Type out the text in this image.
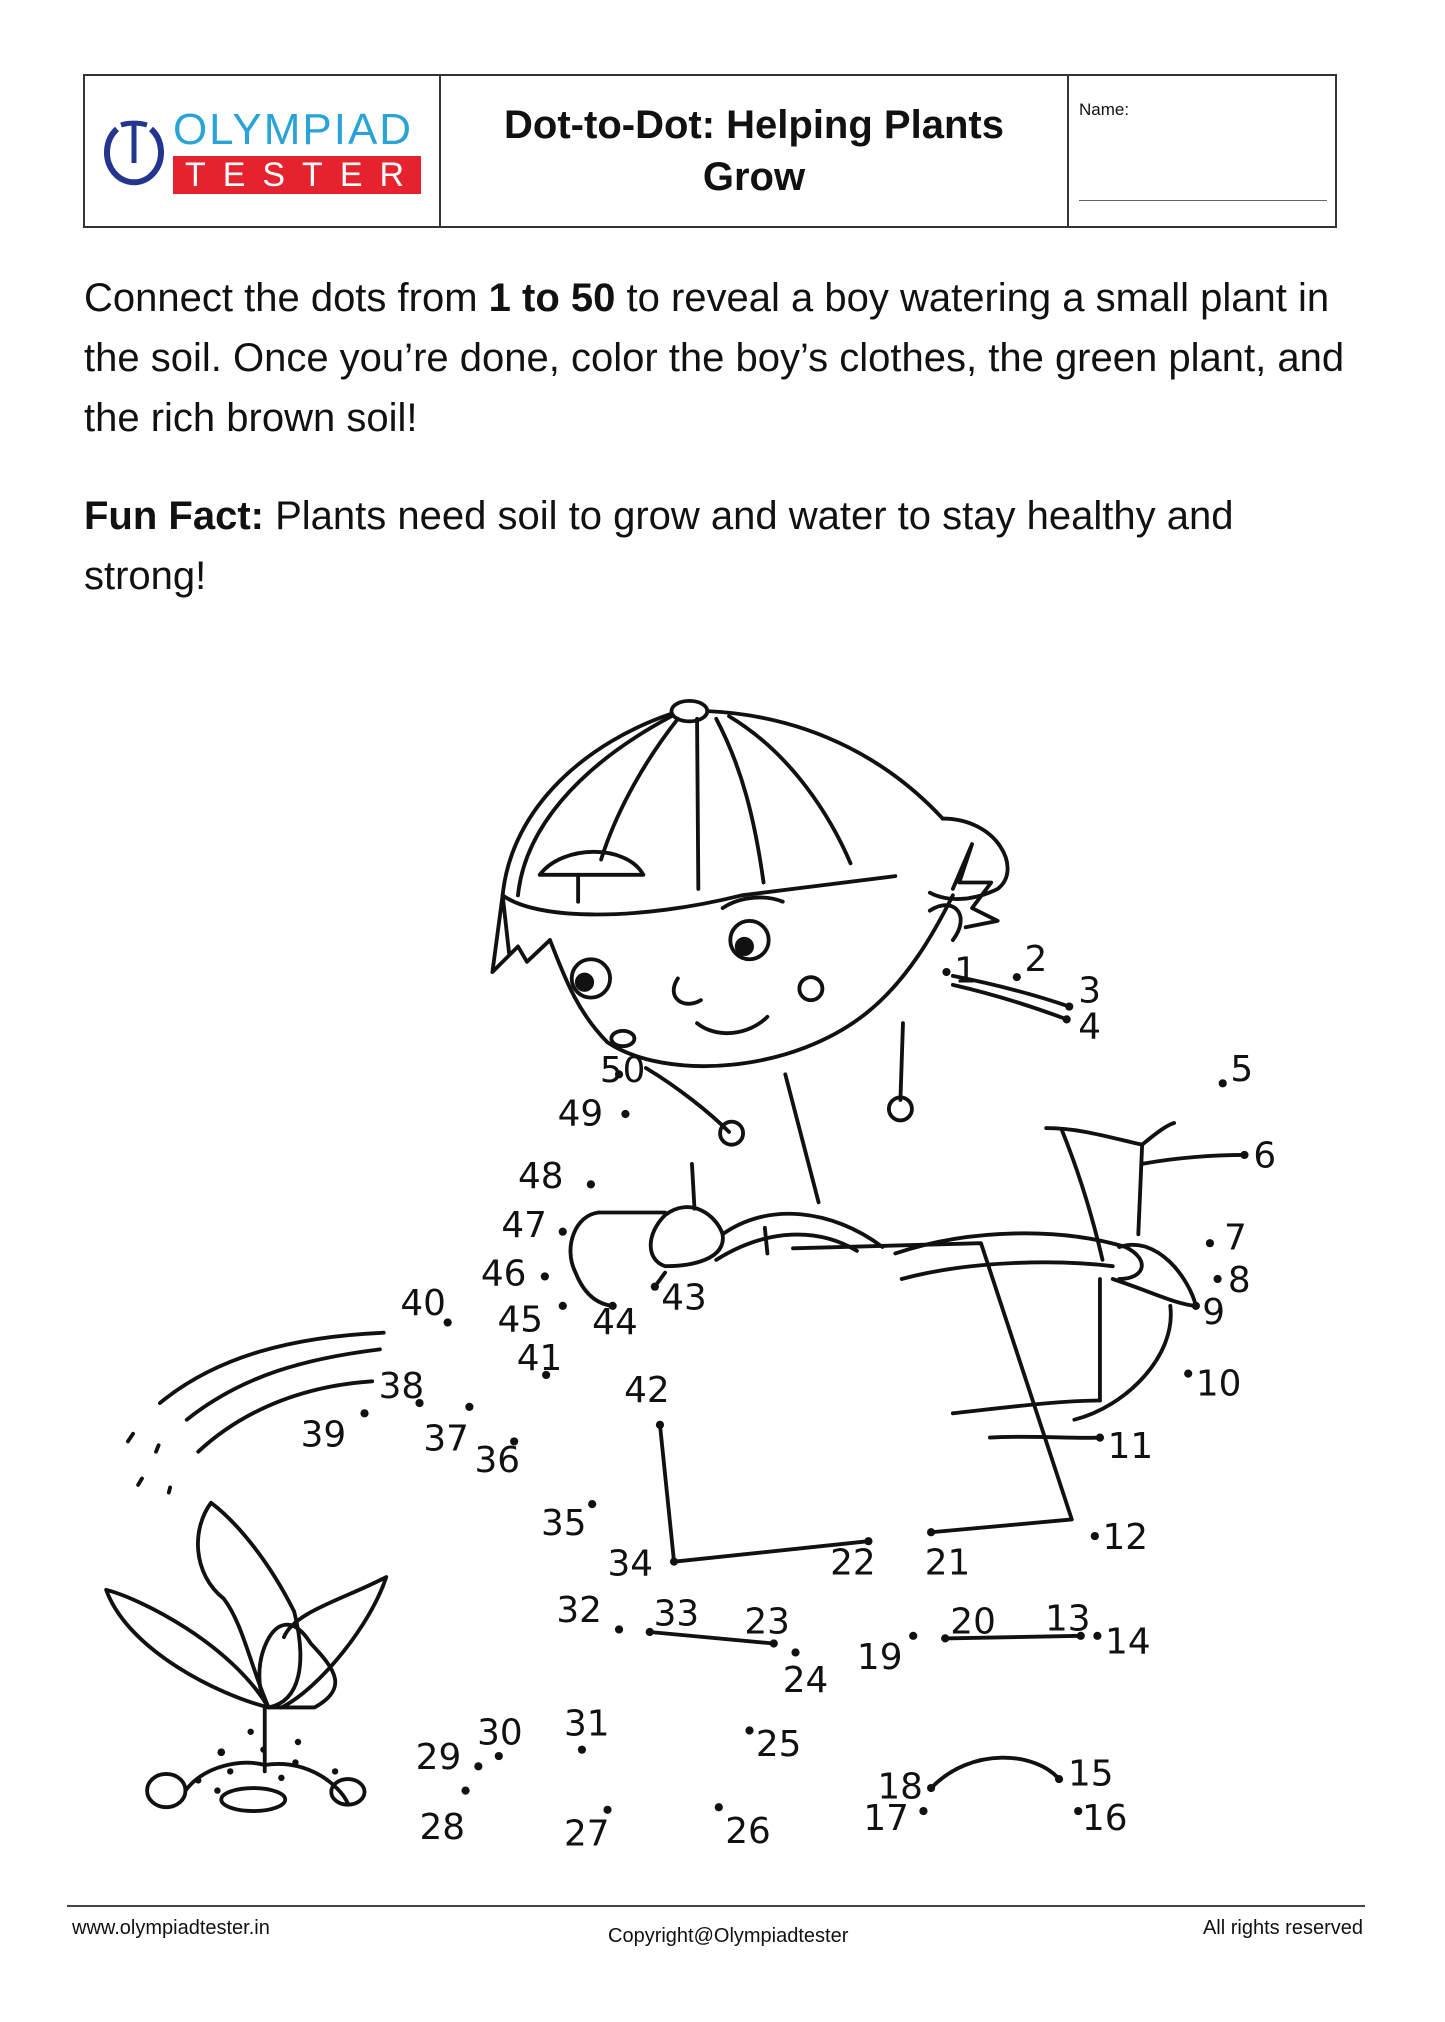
OLYMPIAD
TESTER
Dot-to-Dot: Helping Plants Grow
Name:

Connect the dots from 1 to 50 to reveal a boy watering a small plant in the soil. Once you’re done, color the boy’s clothes, the green plant, and the rich brown soil!

Fun Fact: Plants need soil to grow and water to stay healthy and strong!

1 2
3
4
5
6
7
8
9
10
11
12
13
14
15
16
17
18
19
20
21
22
23
24
25
26
27
28
29
30 31
32 33
34
35
36
37
38
39
40
41
42
43
44
45
46
47
48
49
50
www.olympiadtester.in	Copyright@Olympiadtester	All rights reserved
